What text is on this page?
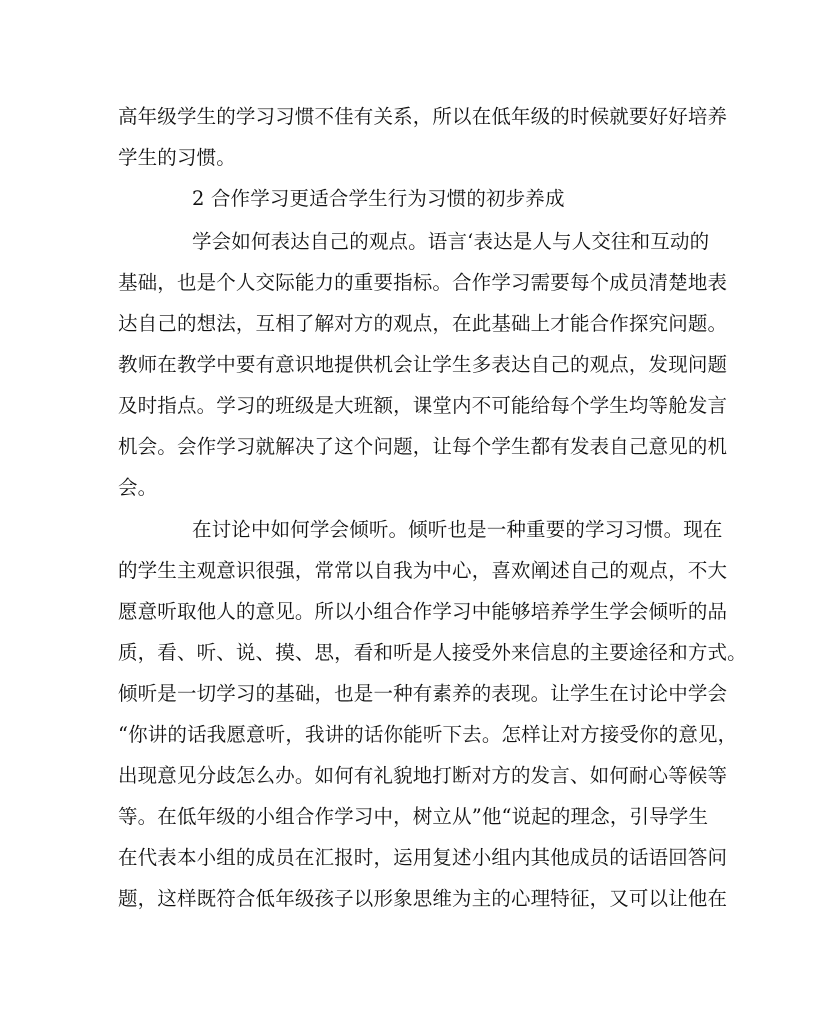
高年级学生的学习习惯不佳有关系，所以在低年级的时候就要好好培养
学生的习惯。
2 合作学习更适合学生行为习惯的初步养成
学会如何表达自己的观点。语言‘表达是人与人交往和互动的
基础，也是个人交际能力的重要指标。合作学习需要每个成员清楚地表
达自己的想法，互相了解对方的观点，在此基础上才能合作探究问题。
教师在教学中要有意识地提供机会让学生多表达自己的观点，发现问题
及时指点。学习的班级是大班额，课堂内不可能给每个学生均等舱发言
机会。会作学习就解决了这个问题，让每个学生都有发表自己意见的机
会。
在讨论中如何学会倾听。倾听也是一种重要的学习习惯。现在
的学生主观意识很强，常常以自我为中心，喜欢阐述自己的观点，不大
愿意听取他人的意见。所以小组合作学习中能够培养学生学会倾听的品
质，看、听、说、摸、思，看和听是人接受外来信息的主要途径和方式。
倾听是一切学习的基础，也是一种有素养的表现。让学生在讨论中学会
“你讲的话我愿意听，我讲的话你能听下去。怎样让对方接受你的意见，
出现意见分歧怎么办。如何有礼貌地打断对方的发言、如何耐心等候等
等。在低年级的小组合作学习中，树立从”他“说起的理念，引导学生
在代表本小组的成员在汇报时，运用复述小组内其他成员的话语回答问
题，这样既符合低年级孩子以形象思维为主的心理特征，又可以让他在
